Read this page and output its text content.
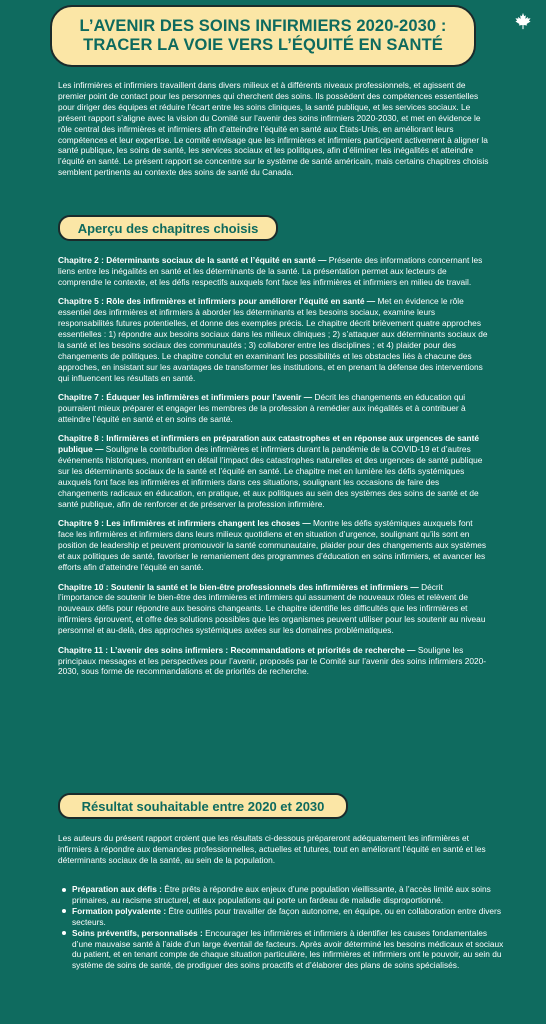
L’AVENIR DES SOINS INFIRMIERS 2020-2030 :
TRACER LA VOIE VERS L’ÉQUITÉ EN SANTÉ
Les infirmières et infirmiers travaillent dans divers milieux et à différents niveaux professionnels, et agissent de premier point de contact pour les personnes qui cherchent des soins. Ils possèdent des compétences essentielles pour diriger des équipes et réduire l’écart entre les soins cliniques, la santé publique, et les services sociaux. Le présent rapport s’aligne avec la vision du Comité sur l’avenir des soins infirmiers 2020-2030, et met en évidence le rôle central des infirmières et infirmiers afin d’atteindre l’équité en santé aux États-Unis, en améliorant leurs compétences et leur expertise. Le comité envisage que les infirmières et infirmiers participent activement à aligner la santé publique, les soins de santé, les services sociaux et les politiques, afin d’éliminer les inégalités et atteindre l’équité en santé. Le présent rapport se concentre sur le système de santé américain, mais certains chapitres choisis semblent pertinents au contexte des soins de santé du Canada.
Aperçu des chapitres choisis

Chapitre 2 : Déterminants sociaux de la santé et l’équité en santé — Présente des informations concernant les liens entre les inégalités en santé et les déterminants de la santé. La présentation permet aux lecteurs de comprendre le contexte, et les défis respectifs auxquels font face les infirmières et infirmiers en milieu de travail.

Chapitre 5 : Rôle des infirmières et infirmiers pour améliorer l’équité en santé — Met en évidence le rôle essentiel des infirmières et infirmiers à aborder les déterminants et les besoins sociaux, examine leurs responsabilités futures potentielles, et donne des exemples précis. Le chapitre décrit brièvement quatre approches essentielles : 1) répondre aux besoins sociaux dans les milieux cliniques ; 2) s’attaquer aux déterminants sociaux de la santé et les besoins sociaux des communautés ; 3) collaborer entre les disciplines ; et 4) plaider pour des changements de politiques. Le chapitre conclut en examinant les possibilités et les obstacles liés à chacune des approches, en insistant sur les avantages de transformer les institutions, et en prenant la défense des interventions qui influencent les résultats en santé.

Chapitre 7 : Éduquer les infirmières et infirmiers pour l’avenir — Décrit les changements en éducation qui pourraient mieux préparer et engager les membres de la profession à remédier aux inégalités et à contribuer à atteindre l’équité en santé et en soins de santé.

Chapitre 8 : Infirmières et infirmiers en préparation aux catastrophes et en réponse aux urgences de santé publique — Souligne la contribution des infirmières et infirmiers durant la pandémie de la COVID-19 et d’autres événements historiques, montrant en détail l’impact des catastrophes naturelles et des urgences de santé publique sur les déterminants sociaux de la santé et l’équité en santé. Le chapitre met en lumière les défis systémiques auxquels font face les infirmières et infirmiers dans ces situations, soulignant les occasions de faire des changements radicaux en éducation, en pratique, et aux politiques au sein des systèmes des soins de santé et de santé publique, afin de renforcer et de préserver la profession infirmière.

Chapitre 9 : Les infirmières et infirmiers changent les choses — Montre les défis systémiques auxquels font face les infirmières et infirmiers dans leurs milieux quotidiens et en situation d’urgence, soulignant qu’ils sont en position de leadership et peuvent promouvoir la santé communautaire, plaider pour des changements aux systèmes et aux politiques de santé, favoriser le remaniement des programmes d’éducation en soins infirmiers, et avancer les efforts afin d’atteindre l’équité en santé.

Chapitre 10 : Soutenir la santé et le bien-être professionnels des infirmières et infirmiers — Décrit l’importance de soutenir le bien-être des infirmières et infirmiers qui assument de nouveaux rôles et relèvent de nouveaux défis pour répondre aux besoins changeants. Le chapitre identifie les difficultés que les infirmières et infirmiers éprouvent, et offre des solutions possibles que les organismes peuvent utiliser pour les soutenir au niveau personnel et au-delà, des approches systémiques axées sur les domaines problématiques.

Chapitre 11 : L’avenir des soins infirmiers : Recommandations et priorités de recherche — Souligne les principaux messages et les perspectives pour l’avenir, proposés par le Comité sur l’avenir des soins infirmiers 2020-2030, sous forme de recommandations et de priorités de recherche.

Résultat souhaitable entre 2020 et 2030
Les auteurs du présent rapport croient que les résultats ci-dessous prépareront adéquatement les infirmières et infirmiers à répondre aux demandes professionnelles, actuelles et futures, tout en améliorant l’équité en santé et les déterminants sociaux de la santé, au sein de la population.
Préparation aux défis : Être prêts à répondre aux enjeux d’une population vieillissante, à l’accès limité aux soins primaires, au racisme structurel, et aux populations qui porte un fardeau de maladie disproportionné.
Formation polyvalente : Être outillés pour travailler de façon autonome, en équipe, ou en collaboration entre divers secteurs.
Soins préventifs, personnalisés : Encourager les infirmières et infirmiers à identifier les causes fondamentales d’une mauvaise santé à l’aide d’un large éventail de facteurs. Après avoir déterminé les besoins médicaux et sociaux du patient, et en tenant compte de chaque situation particulière, les infirmières et infirmiers ont le pouvoir, au sein du système de soins de santé, de prodiguer des soins proactifs et d’élaborer des plans de soins spécialisés.
